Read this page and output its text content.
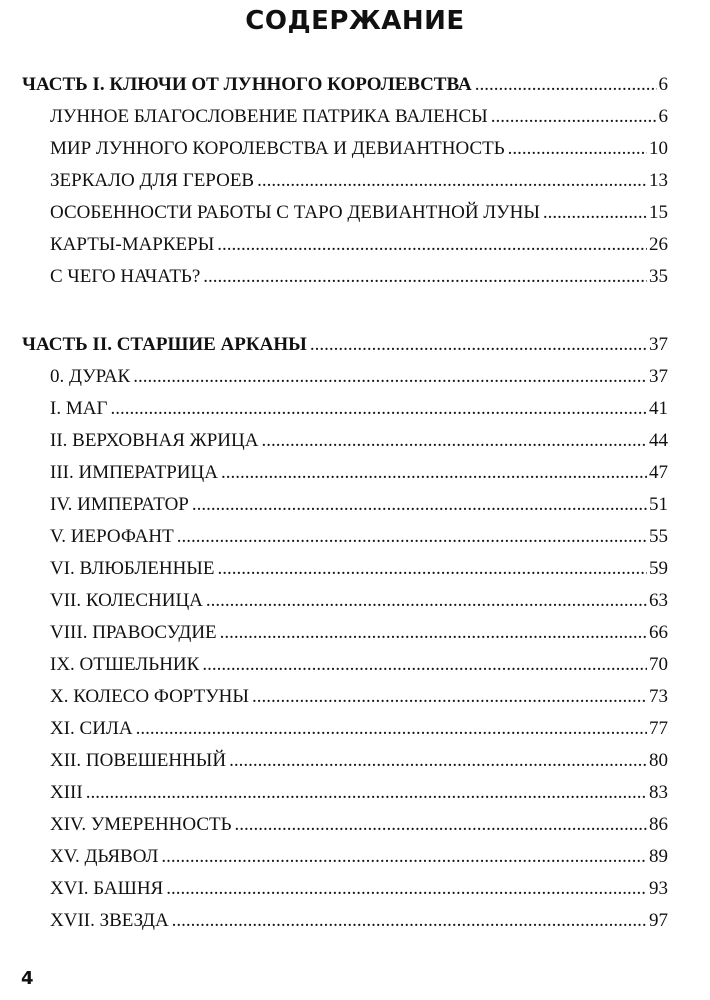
СОДЕРЖАНИЕ
ЧАСТЬ I. КЛЮЧИ ОТ ЛУННОГО КОРОЛЕВСТВА .....	6
ЛУННОЕ БЛАГОСЛОВЕНИЕ ПАТРИКА ВАЛЕНСЫ .....	6
МИР ЛУННОГО КОРОЛЕВСТВА И ДЕВИАНТНОСТЬ .....	10
ЗЕРКАЛО ДЛЯ ГЕРОЕВ .....	13
ОСОБЕННОСТИ РАБОТЫ С ТАРО ДЕВИАНТНОЙ ЛУНЫ .....	15
КАРТЫ-МАРКЕРЫ .....	26
С ЧЕГО НАЧАТЬ? .....	35
ЧАСТЬ II. СТАРШИЕ АРКАНЫ .....	37
0. ДУРАК .....	37
I. МАГ .....	41
II. ВЕРХОВНАЯ ЖРИЦА .....	44
III. ИМПЕРАТРИЦА .....	47
IV. ИМПЕРАТОР .....	51
V. ИЕРОФАНТ .....	55
VI. ВЛЮБЛЕННЫЕ .....	59
VII. КОЛЕСНИЦА .....	63
VIII. ПРАВОСУДИЕ .....	66
IX. ОТШЕЛЬНИК .....	70
X. КОЛЕСО ФОРТУНЫ .....	73
XI. СИЛА .....	77
XII. ПОВЕШЕННЫЙ .....	80
XIII .....	83
XIV. УМЕРЕННОСТЬ .....	86
XV. ДЬЯВОЛ .....	89
XVI. БАШНЯ .....	93
XVII. ЗВЕЗДА .....	97
4
